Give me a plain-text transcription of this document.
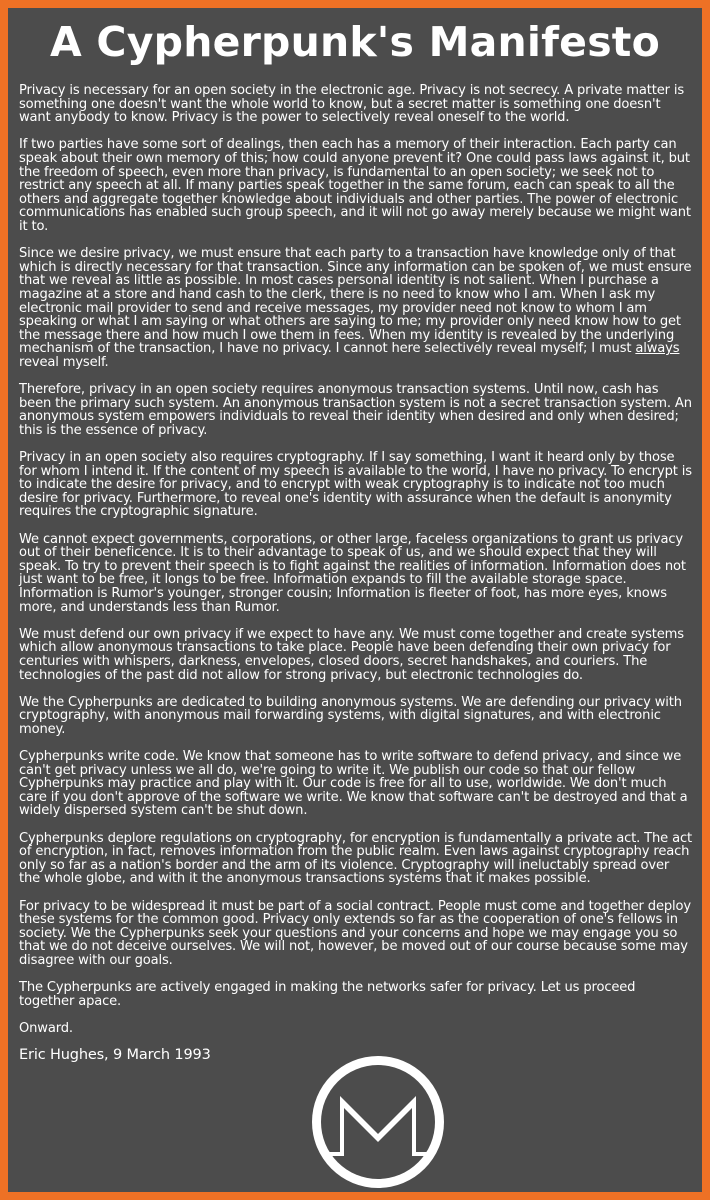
A Cypherpunk's Manifesto

Privacy is necessary for an open society in the electronic age. Privacy is not secrecy. A private matter is something one doesn't want the whole world to know, but a secret matter is something one doesn't want anybody to know. Privacy is the power to selectively reveal oneself to the world.

If two parties have some sort of dealings, then each has a memory of their interaction. Each party can speak about their own memory of this; how could anyone prevent it? One could pass laws against it, but the freedom of speech, even more than privacy, is fundamental to an open society; we seek not to restrict any speech at all. If many parties speak together in the same forum, each can speak to all the others and aggregate together knowledge about individuals and other parties. The power of electronic communications has enabled such group speech, and it will not go away merely because we might want it to.

Since we desire privacy, we must ensure that each party to a transaction have knowledge only of that which is directly necessary for that transaction. Since any information can be spoken of, we must ensure that we reveal as little as possible. In most cases personal identity is not salient. When I purchase a magazine at a store and hand cash to the clerk, there is no need to know who I am. When I ask my electronic mail provider to send and receive messages, my provider need not know to whom I am speaking or what I am saying or what others are saying to me; my provider only need know how to get the message there and how much I owe them in fees. When my identity is revealed by the underlying mechanism of the transaction, I have no privacy. I cannot here selectively reveal myself; I must always reveal myself.

Therefore, privacy in an open society requires anonymous transaction systems. Until now, cash has been the primary such system. An anonymous transaction system is not a secret transaction system. An anonymous system empowers individuals to reveal their identity when desired and only when desired; this is the essence of privacy.

Privacy in an open society also requires cryptography. If I say something, I want it heard only by those for whom I intend it. If the content of my speech is available to the world, I have no privacy. To encrypt is to indicate the desire for privacy, and to encrypt with weak cryptography is to indicate not too much desire for privacy. Furthermore, to reveal one's identity with assurance when the default is anonymity requires the cryptographic signature.

We cannot expect governments, corporations, or other large, faceless organizations to grant us privacy out of their beneficence. It is to their advantage to speak of us, and we should expect that they will speak. To try to prevent their speech is to fight against the realities of information. Information does not just want to be free, it longs to be free. Information expands to fill the available storage space. Information is Rumor's younger, stronger cousin; Information is fleeter of foot, has more eyes, knows more, and understands less than Rumor.

We must defend our own privacy if we expect to have any. We must come together and create systems which allow anonymous transactions to take place. People have been defending their own privacy for centuries with whispers, darkness, envelopes, closed doors, secret handshakes, and couriers. The technologies of the past did not allow for strong privacy, but electronic technologies do.

We the Cypherpunks are dedicated to building anonymous systems. We are defending our privacy with cryptography, with anonymous mail forwarding systems, with digital signatures, and with electronic money.

Cypherpunks write code. We know that someone has to write software to defend privacy, and since we can't get privacy unless we all do, we're going to write it. We publish our code so that our fellow Cypherpunks may practice and play with it. Our code is free for all to use, worldwide. We don't much care if you don't approve of the software we write. We know that software can't be destroyed and that a widely dispersed system can't be shut down.

Cypherpunks deplore regulations on cryptography, for encryption is fundamentally a private act. The act of encryption, in fact, removes information from the public realm. Even laws against cryptography reach only so far as a nation's border and the arm of its violence. Cryptography will ineluctably spread over the whole globe, and with it the anonymous transactions systems that it makes possible.

For privacy to be widespread it must be part of a social contract. People must come and together deploy these systems for the common good. Privacy only extends so far as the cooperation of one's fellows in society. We the Cypherpunks seek your questions and your concerns and hope we may engage you so that we do not deceive ourselves. We will not, however, be moved out of our course because some may disagree with our goals.

The Cypherpunks are actively engaged in making the networks safer for privacy. Let us proceed together apace.

Onward.

Eric Hughes, 9 March 1993
